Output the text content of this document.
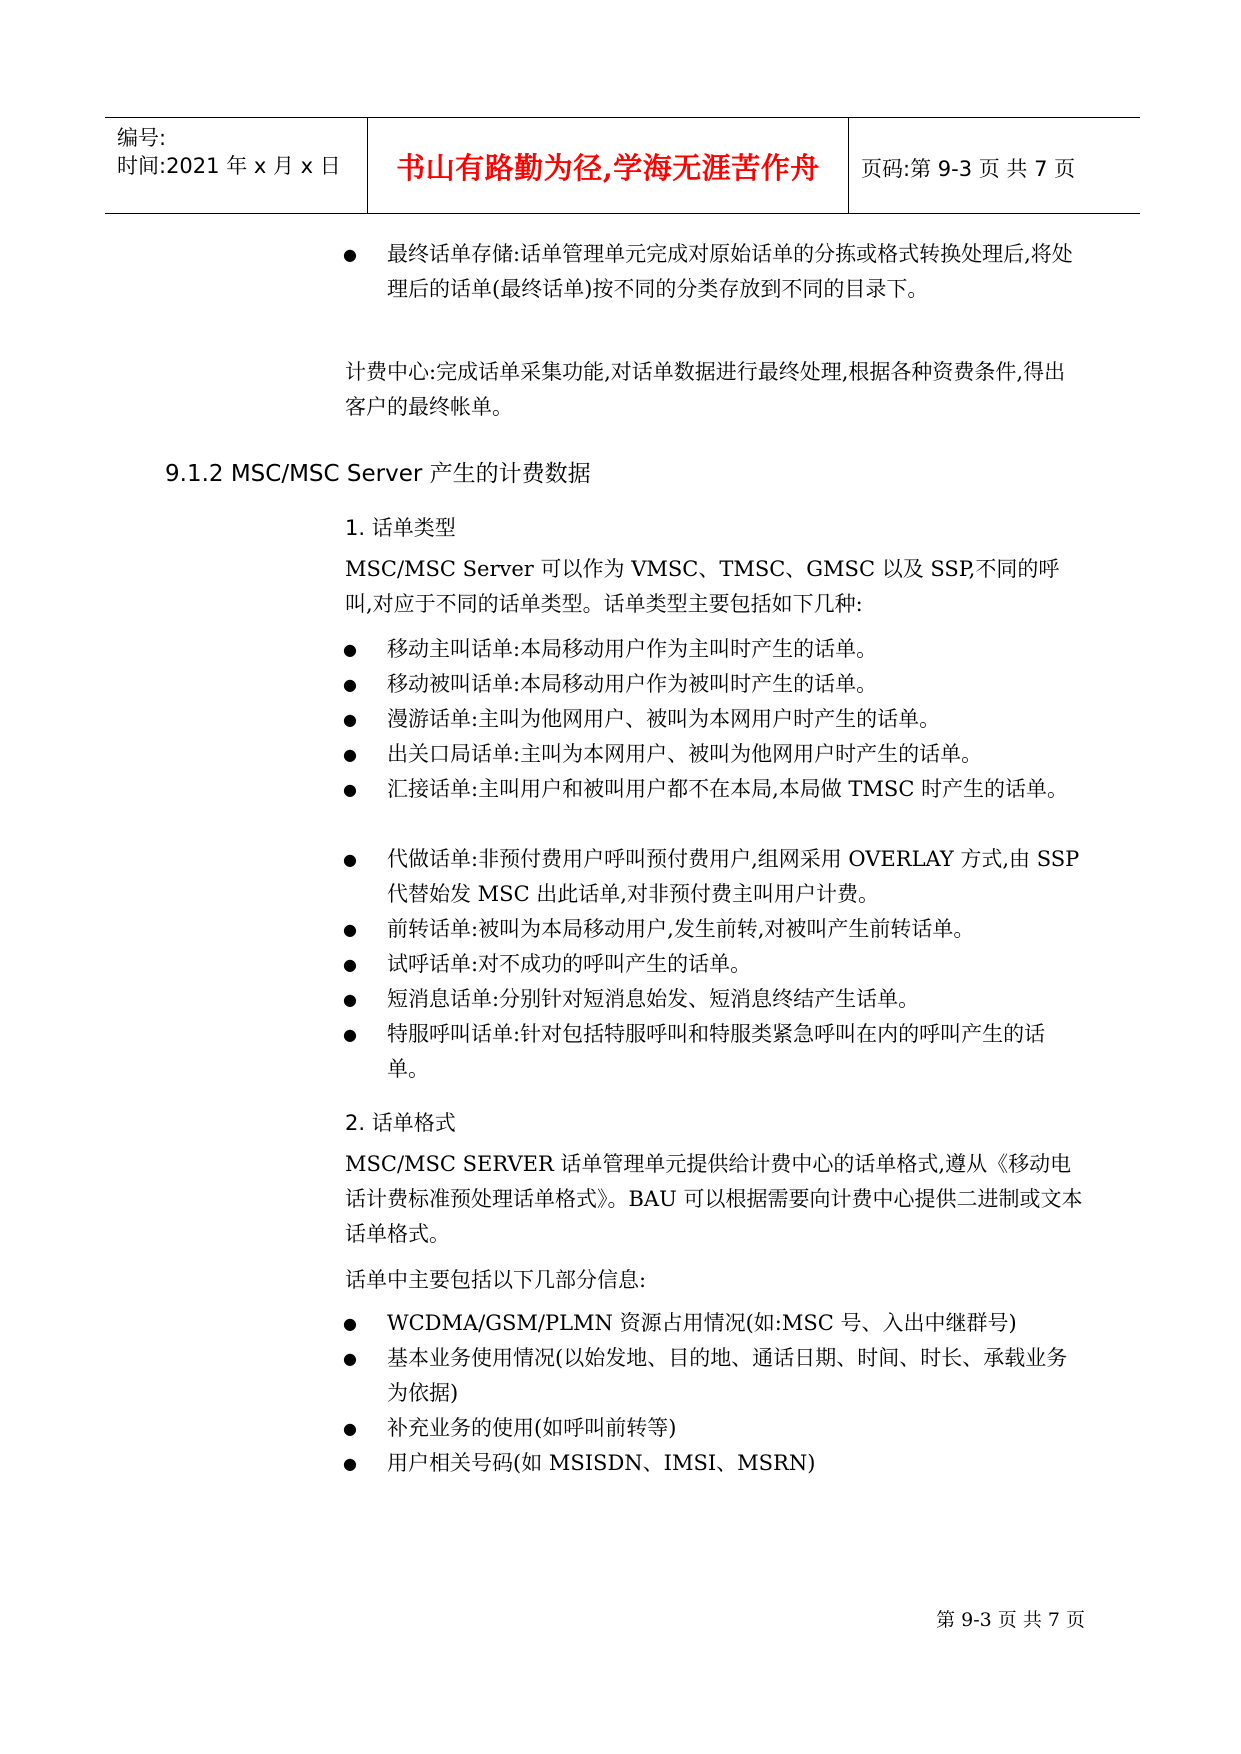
编号:
时间:2021 年 x 月 x 日	书山有路勤为径,学海无涯苦作舟	页码:第 9-3 页 共 7 页
● 最终话单存储:话单管理单元完成对原始话单的分拣或格式转换处理后,将处理后的话单(最终话单)按不同的分类存放到不同的目录下。
计费中心:完成话单采集功能,对话单数据进行最终处理,根据各种资费条件,得出客户的最终帐单。
9.1.2 MSC/MSC Server 产生的计费数据
1. 话单类型
MSC/MSC Server 可以作为 VMSC、TMSC、GMSC 以及 SSP,不同的呼叫,对应于不同的话单类型。话单类型主要包括如下几种:
● 移动主叫话单:本局移动用户作为主叫时产生的话单。
● 移动被叫话单:本局移动用户作为被叫时产生的话单。
● 漫游话单:主叫为他网用户、被叫为本网用户时产生的话单。
● 出关口局话单:主叫为本网用户、被叫为他网用户时产生的话单。
● 汇接话单:主叫用户和被叫用户都不在本局,本局做 TMSC 时产生的话单。
● 代做话单:非预付费用户呼叫预付费用户,组网采用 OVERLAY 方式,由 SSP 代替始发 MSC 出此话单,对非预付费主叫用户计费。
● 前转话单:被叫为本局移动用户,发生前转,对被叫产生前转话单。
● 试呼话单:对不成功的呼叫产生的话单。
● 短消息话单:分别针对短消息始发、短消息终结产生话单。
● 特服呼叫话单:针对包括特服呼叫和特服类紧急呼叫在内的呼叫产生的话单。
2. 话单格式
MSC/MSC SERVER 话单管理单元提供给计费中心的话单格式,遵从《移动电话计费标准预处理话单格式》。BAU 可以根据需要向计费中心提供二进制或文本话单格式。
话单中主要包括以下几部分信息:
● WCDMA/GSM/PLMN 资源占用情况(如:MSC 号、入出中继群号)
● 基本业务使用情况(以始发地、目的地、通话日期、时间、时长、承载业务为依据)
● 补充业务的使用(如呼叫前转等)
● 用户相关号码(如 MSISDN、IMSI、MSRN)
第 9-3 页 共 7 页
